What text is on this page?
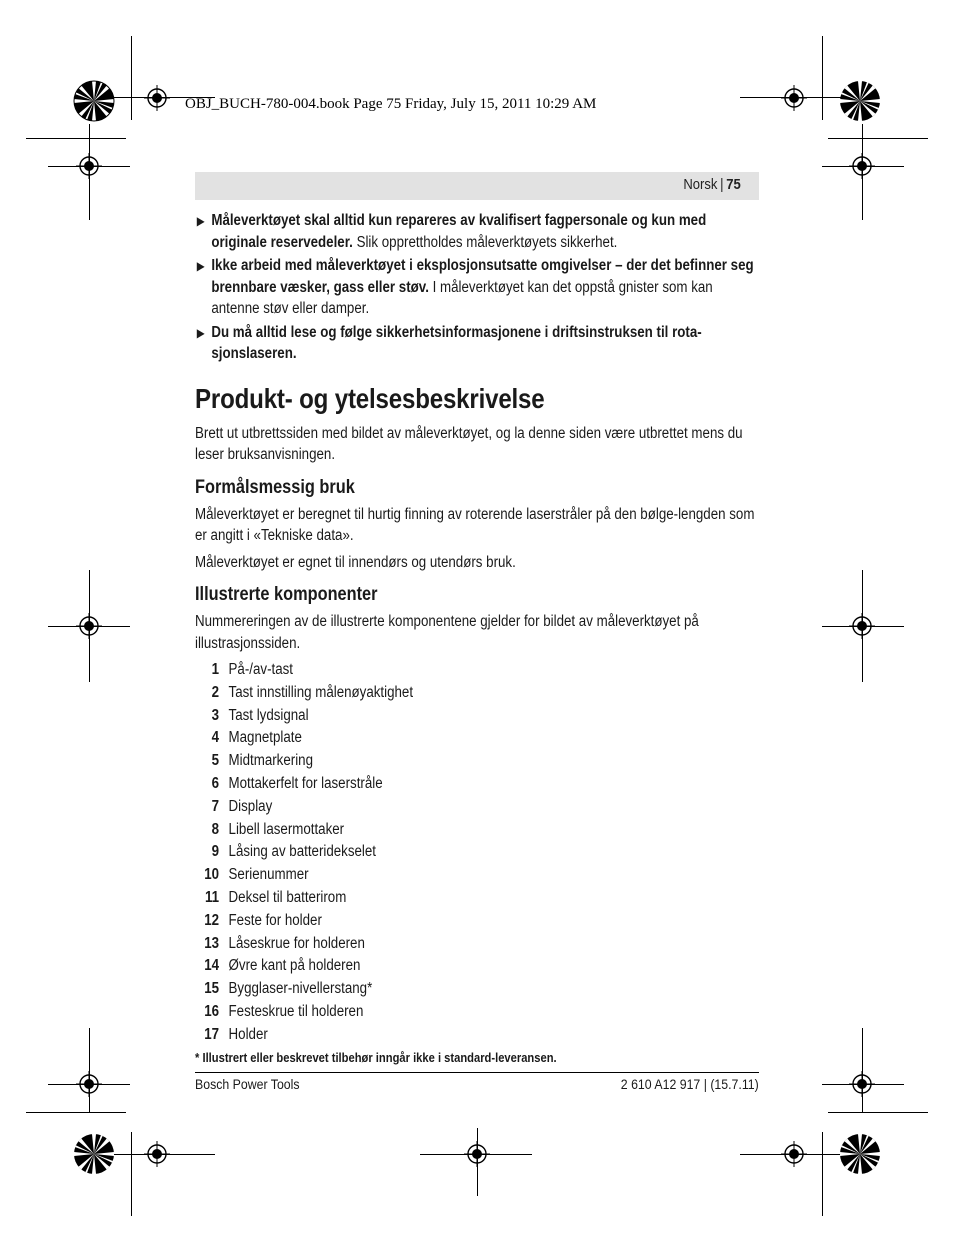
OBJ_BUCH-780-004.book Page 75 Friday, July 15, 2011 10:29 AM
Norsk | 75
▶ Måleverktøyet skal alltid kun repareres av kvalifisert fagpersonale og kun med originale reservedeler. Slik opprettholdes måleverktøyets sikkerhet.
▶ Ikke arbeid med måleverktøyet i eksplosjonsutsatte omgivelser – der det befinner seg brennbare væsker, gass eller støv. I måleverktøyet kan det oppstå gnister som kan antenne støv eller damper.
▶ Du må alltid lese og følge sikkerhetsinformasjonene i driftsinstruksen til rota-sjonslaseren.
Produkt- og ytelsesbeskrivelse

Brett ut utbrettssiden med bildet av måleverktøyet, og la denne siden være utbrettet mens du leser bruksanvisningen.

Formålsmessig bruk

Måleverktøyet er beregnet til hurtig finning av roterende laserstråler på den bølge-lengden som er angitt i «Tekniske data».

Måleverktøyet er egnet til innendørs og utendørs bruk.

Illustrerte komponenter

Nummereringen av de illustrerte komponentene gjelder for bildet av måleverktøyet på illustrasjonssiden.

1 På-/av-tast
2 Tast innstilling målenøyaktighet
3 Tast lydsignal
4 Magnetplate
5 Midtmarkering
6 Mottakerfelt for laserstråle
7 Display
8 Libell lasermottaker
9 Låsing av batteridekselet
10 Serienummer
11 Deksel til batterirom
12 Feste for holder
13 Låseskrue for holderen
14 Øvre kant på holderen
15 Bygglaser-nivellerstang*
16 Festeskrue til holderen
17 Holder
* Illustrert eller beskrevet tilbehør inngår ikke i standard-leveransen.
Bosch Power Tools	2 610 A12 917 | (15.7.11)
